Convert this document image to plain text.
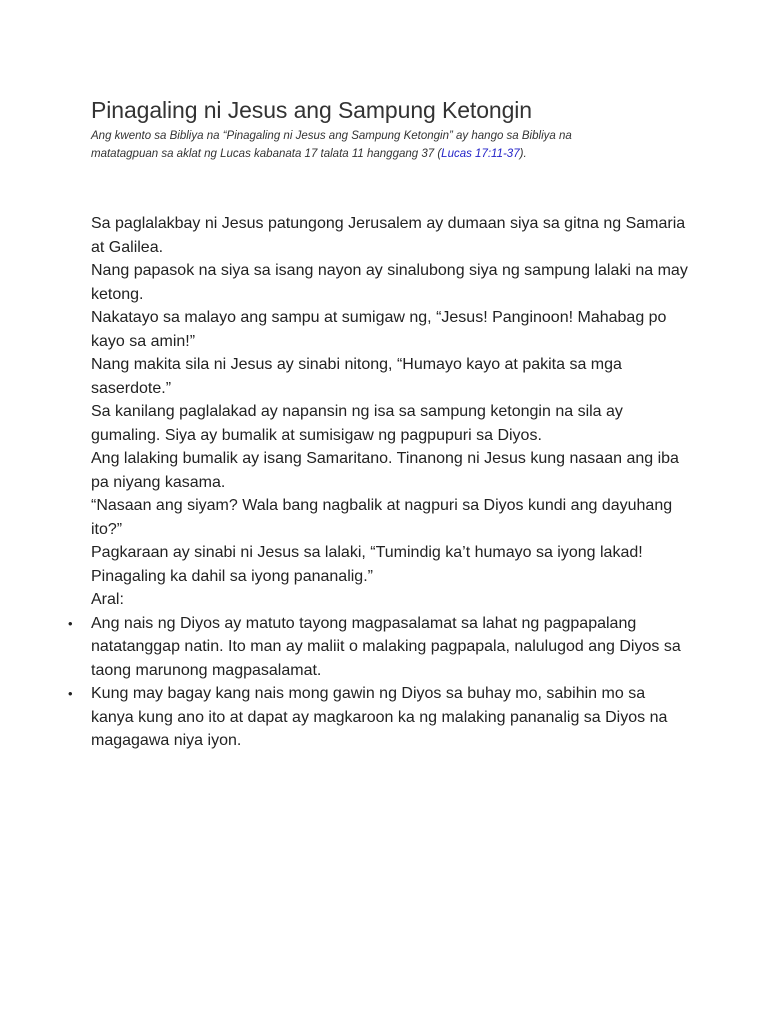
Pinagaling ni Jesus ang Sampung Ketongin
Ang kwento sa Bibliya na “Pinagaling ni Jesus ang Sampung Ketongin” ay hango sa Bibliya na matatagpuan sa aklat ng Lucas kabanata 17 talata 11 hanggang 37 (Lucas 17:11-37).

Sa paglalakbay ni Jesus patungong Jerusalem ay dumaan siya sa gitna ng Samaria at Galilea.

Nang papasok na siya sa isang nayon ay sinalubong siya ng sampung lalaki na may ketong.

Nakatayo sa malayo ang sampu at sumigaw ng, “Jesus! Panginoon! Mahabag po kayo sa amin!”

Nang makita sila ni Jesus ay sinabi nitong, “Humayo kayo at pakita sa mga saserdote.”

Sa kanilang paglalakad ay napansin ng isa sa sampung ketongin na sila ay gumaling. Siya ay bumalik at sumisigaw ng pagpupuri sa Diyos.

Ang lalaking bumalik ay isang Samaritano. Tinanong ni Jesus kung nasaan ang iba pa niyang kasama.

“Nasaan ang siyam? Wala bang nagbalik at nagpuri sa Diyos kundi ang dayuhang ito?”

Pagkaraan ay sinabi ni Jesus sa lalaki, “Tumindig ka’t humayo sa iyong lakad! Pinagaling ka dahil sa iyong pananalig.”

Aral:

• Ang nais ng Diyos ay matuto tayong magpasalamat sa lahat ng pagpapalang natatanggap natin. Ito man ay maliit o malaking pagpapala, nalulugod ang Diyos sa taong marunong magpasalamat.
• Kung may bagay kang nais mong gawin ng Diyos sa buhay mo, sabihin mo sa kanya kung ano ito at dapat ay magkaroon ka ng malaking pananalig sa Diyos na magagawa niya iyon.
